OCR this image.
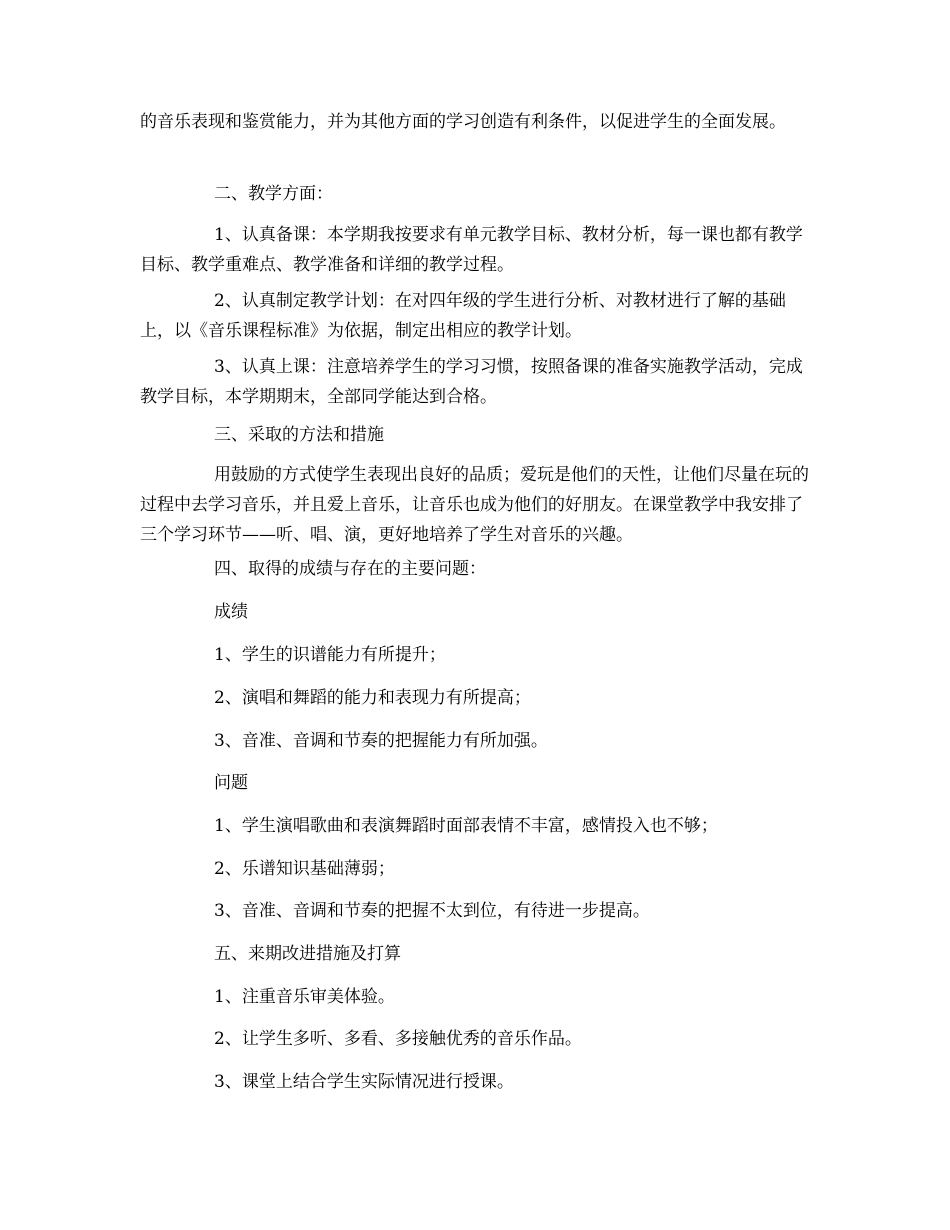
的音乐表现和鉴赏能力，并为其他方面的学习创造有利条件，以促进学生的全面发展。

二、教学方面：

1、认真备课：本学期我按要求有单元教学目标、教材分析，每一课也都有教学目标、教学重难点、教学准备和详细的教学过程。

2、认真制定教学计划：在对四年级的学生进行分析、对教材进行了解的基础上，以《音乐课程标准》为依据，制定出相应的教学计划。

3、认真上课：注意培养学生的学习习惯，按照备课的准备实施教学活动，完成教学目标，本学期期末，全部同学能达到合格。

三、采取的方法和措施

用鼓励的方式使学生表现出良好的品质；爱玩是他们的天性，让他们尽量在玩的过程中去学习音乐，并且爱上音乐，让音乐也成为他们的好朋友。在课堂教学中我安排了三个学习环节——听、唱、演，更好地培养了学生对音乐的兴趣。

四、取得的成绩与存在的主要问题：

成绩

1、学生的识谱能力有所提升；

2、演唱和舞蹈的能力和表现力有所提高；

3、音准、音调和节奏的把握能力有所加强。

问题

1、学生演唱歌曲和表演舞蹈时面部表情不丰富，感情投入也不够；

2、乐谱知识基础薄弱；

3、音准、音调和节奏的把握不太到位，有待进一步提高。

五、来期改进措施及打算

1、注重音乐审美体验。

2、让学生多听、多看、多接触优秀的音乐作品。

3、课堂上结合学生实际情况进行授课。
